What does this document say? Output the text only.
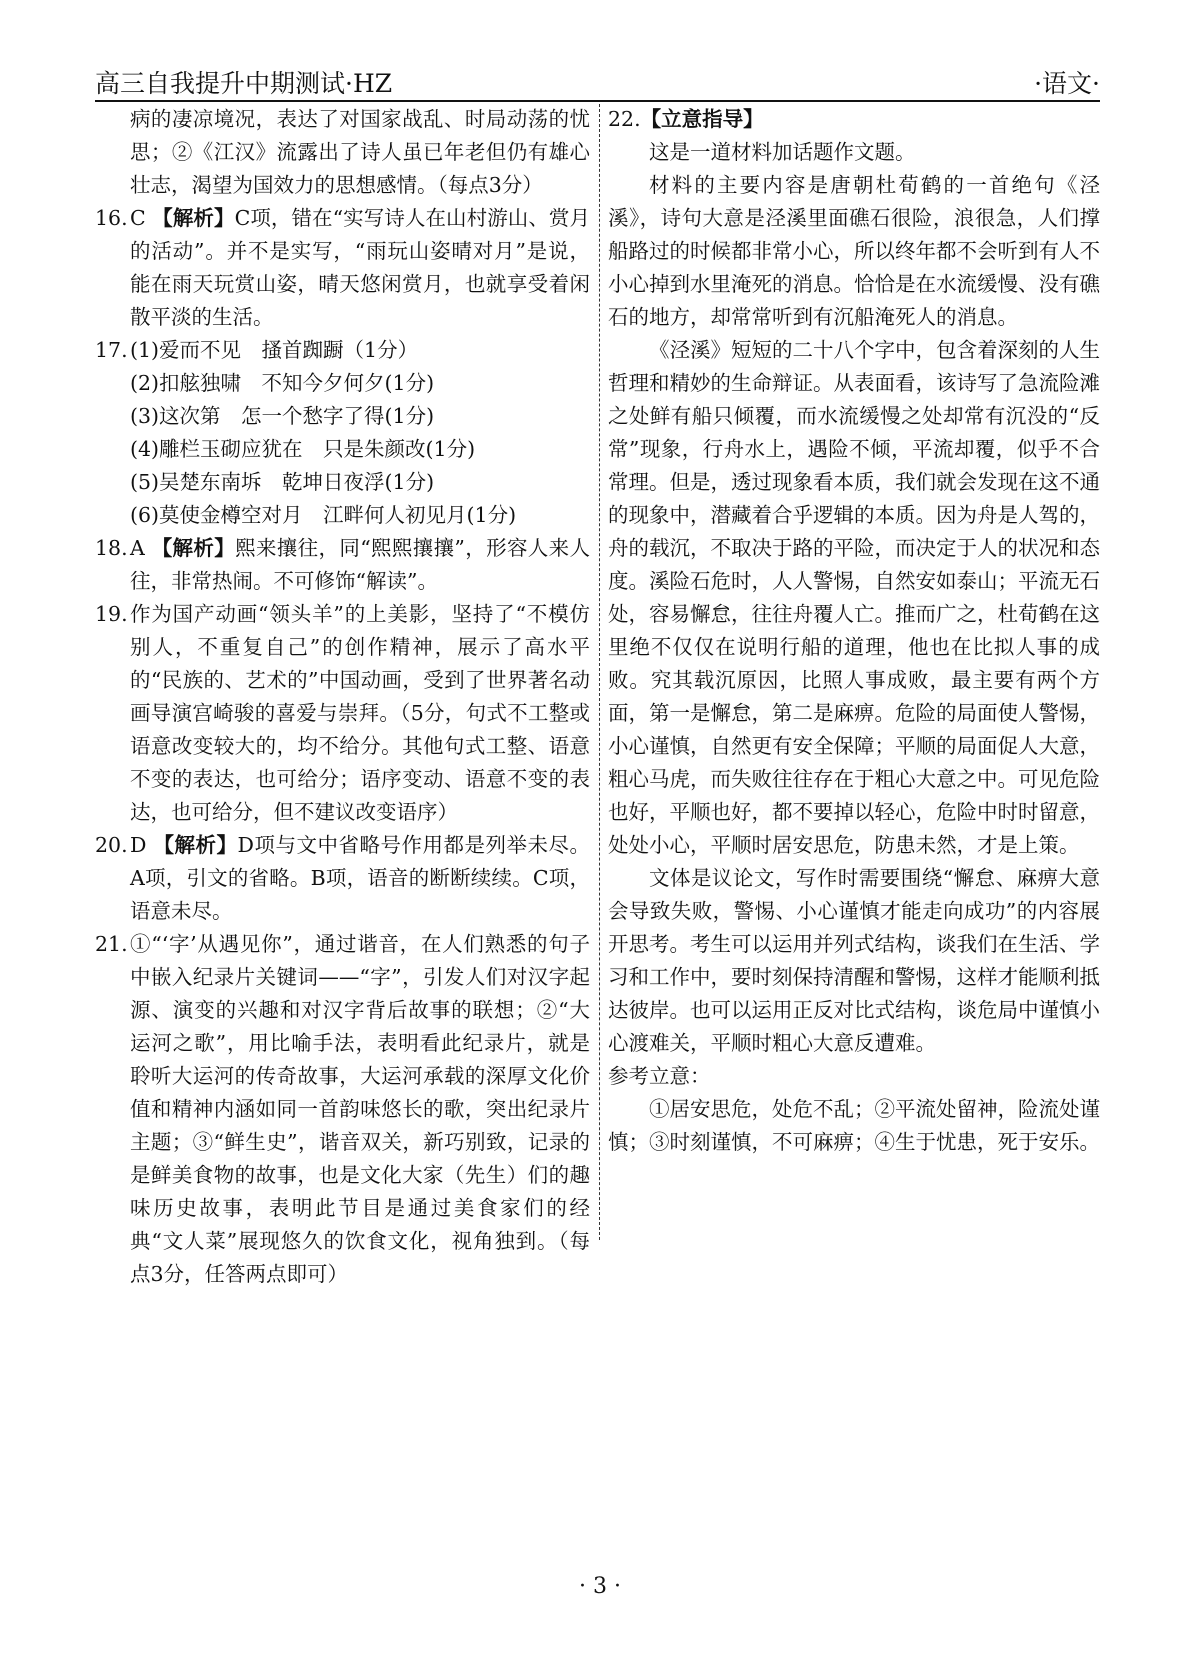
高三自我提升中期测试·HZ	·语文·

病的凄凉境况，表达了对国家战乱、时局动荡的忧思；②《江汉》流露出了诗人虽已年老但仍有雄心壮志，渴望为国效力的思想感情。（每点3分）

16. C 【解析】C项，错在“实写诗人在山村游山、赏月的活动”。并不是实写，“雨玩山姿晴对月”是说，能在雨天玩赏山姿，晴天悠闲赏月，也就享受着闲散平淡的生活。
17. (1)爱而不见　搔首踟蹰（1分）
(2)扣舷独啸　不知今夕何夕(1分)
(3)这次第　怎一个愁字了得(1分)
(4)雕栏玉砌应犹在　只是朱颜改(1分)
(5)吴楚东南坼　乾坤日夜浮(1分)
(6)莫使金樽空对月　江畔何人初见月(1分)
18. A 【解析】熙来攘往，同“熙熙攘攘”，形容人来人往，非常热闹。不可修饰“解读”。
19. 作为国产动画“领头羊”的上美影，坚持了“不模仿别人，不重复自己”的创作精神，展示了高水平的“民族的、艺术的”中国动画，受到了世界著名动画导演宫崎骏的喜爱与崇拜。（5分，句式不工整或语意改变较大的，均不给分。其他句式工整、语意不变的表达，也可给分；语序变动、语意不变的表达，也可给分，但不建议改变语序）
20. D 【解析】D项与文中省略号作用都是列举未尽。A项，引文的省略。B项，语音的断断续续。C项，语意未尽。
21. ①“‘字’从遇见你”，通过谐音，在人们熟悉的句子中嵌入纪录片关键词——“字”，引发人们对汉字起源、演变的兴趣和对汉字背后故事的联想；②“大运河之歌”，用比喻手法，表明看此纪录片，就是聆听大运河的传奇故事，大运河承载的深厚文化价值和精神内涵如同一首韵味悠长的歌，突出纪录片主题；③“鲜生史”，谐音双关，新巧别致，记录的是鲜美食物的故事，也是文化大家（先生）们的趣味历史故事，表明此节目是通过美食家们的经典“文人菜”展现悠久的饮食文化，视角独到。（每点3分，任答两点即可）
22.【立意指导】

这是一道材料加话题作文题。

材料的主要内容是唐朝杜荀鹤的一首绝句《泾溪》，诗句大意是泾溪里面礁石很险，浪很急，人们撑船路过的时候都非常小心，所以终年都不会听到有人不小心掉到水里淹死的消息。恰恰是在水流缓慢、没有礁石的地方，却常常听到有沉船淹死人的消息。

《泾溪》短短的二十八个字中，包含着深刻的人生哲理和精妙的生命辩证。从表面看，该诗写了急流险滩之处鲜有船只倾覆，而水流缓慢之处却常有沉没的“反常”现象，行舟水上，遇险不倾，平流却覆，似乎不合常理。但是，透过现象看本质，我们就会发现在这不通的现象中，潜藏着合乎逻辑的本质。因为舟是人驾的，舟的载沉，不取决于路的平险，而决定于人的状况和态度。溪险石危时，人人警惕，自然安如泰山；平流无石处，容易懈怠，往往舟覆人亡。推而广之，杜荀鹤在这里绝不仅仅在说明行船的道理，他也在比拟人事的成败。究其载沉原因，比照人事成败，最主要有两个方面，第一是懈怠，第二是麻痹。危险的局面使人警惕，小心谨慎，自然更有安全保障；平顺的局面促人大意，粗心马虎，而失败往往存在于粗心大意之中。可见危险也好，平顺也好，都不要掉以轻心，危险中时时留意，处处小心，平顺时居安思危，防患未然，才是上策。

文体是议论文，写作时需要围绕“懈怠、麻痹大意会导致失败，警惕、小心谨慎才能走向成功”的内容展开思考。考生可以运用并列式结构，谈我们在生活、学习和工作中，要时刻保持清醒和警惕，这样才能顺利抵达彼岸。也可以运用正反对比式结构，谈危局中谨慎小心渡难关，平顺时粗心大意反遭难。

参考立意：

①居安思危，处危不乱；②平流处留神，险流处谨慎；③时刻谨慎，不可麻痹；④生于忧患，死于安乐。

· 3 ·
